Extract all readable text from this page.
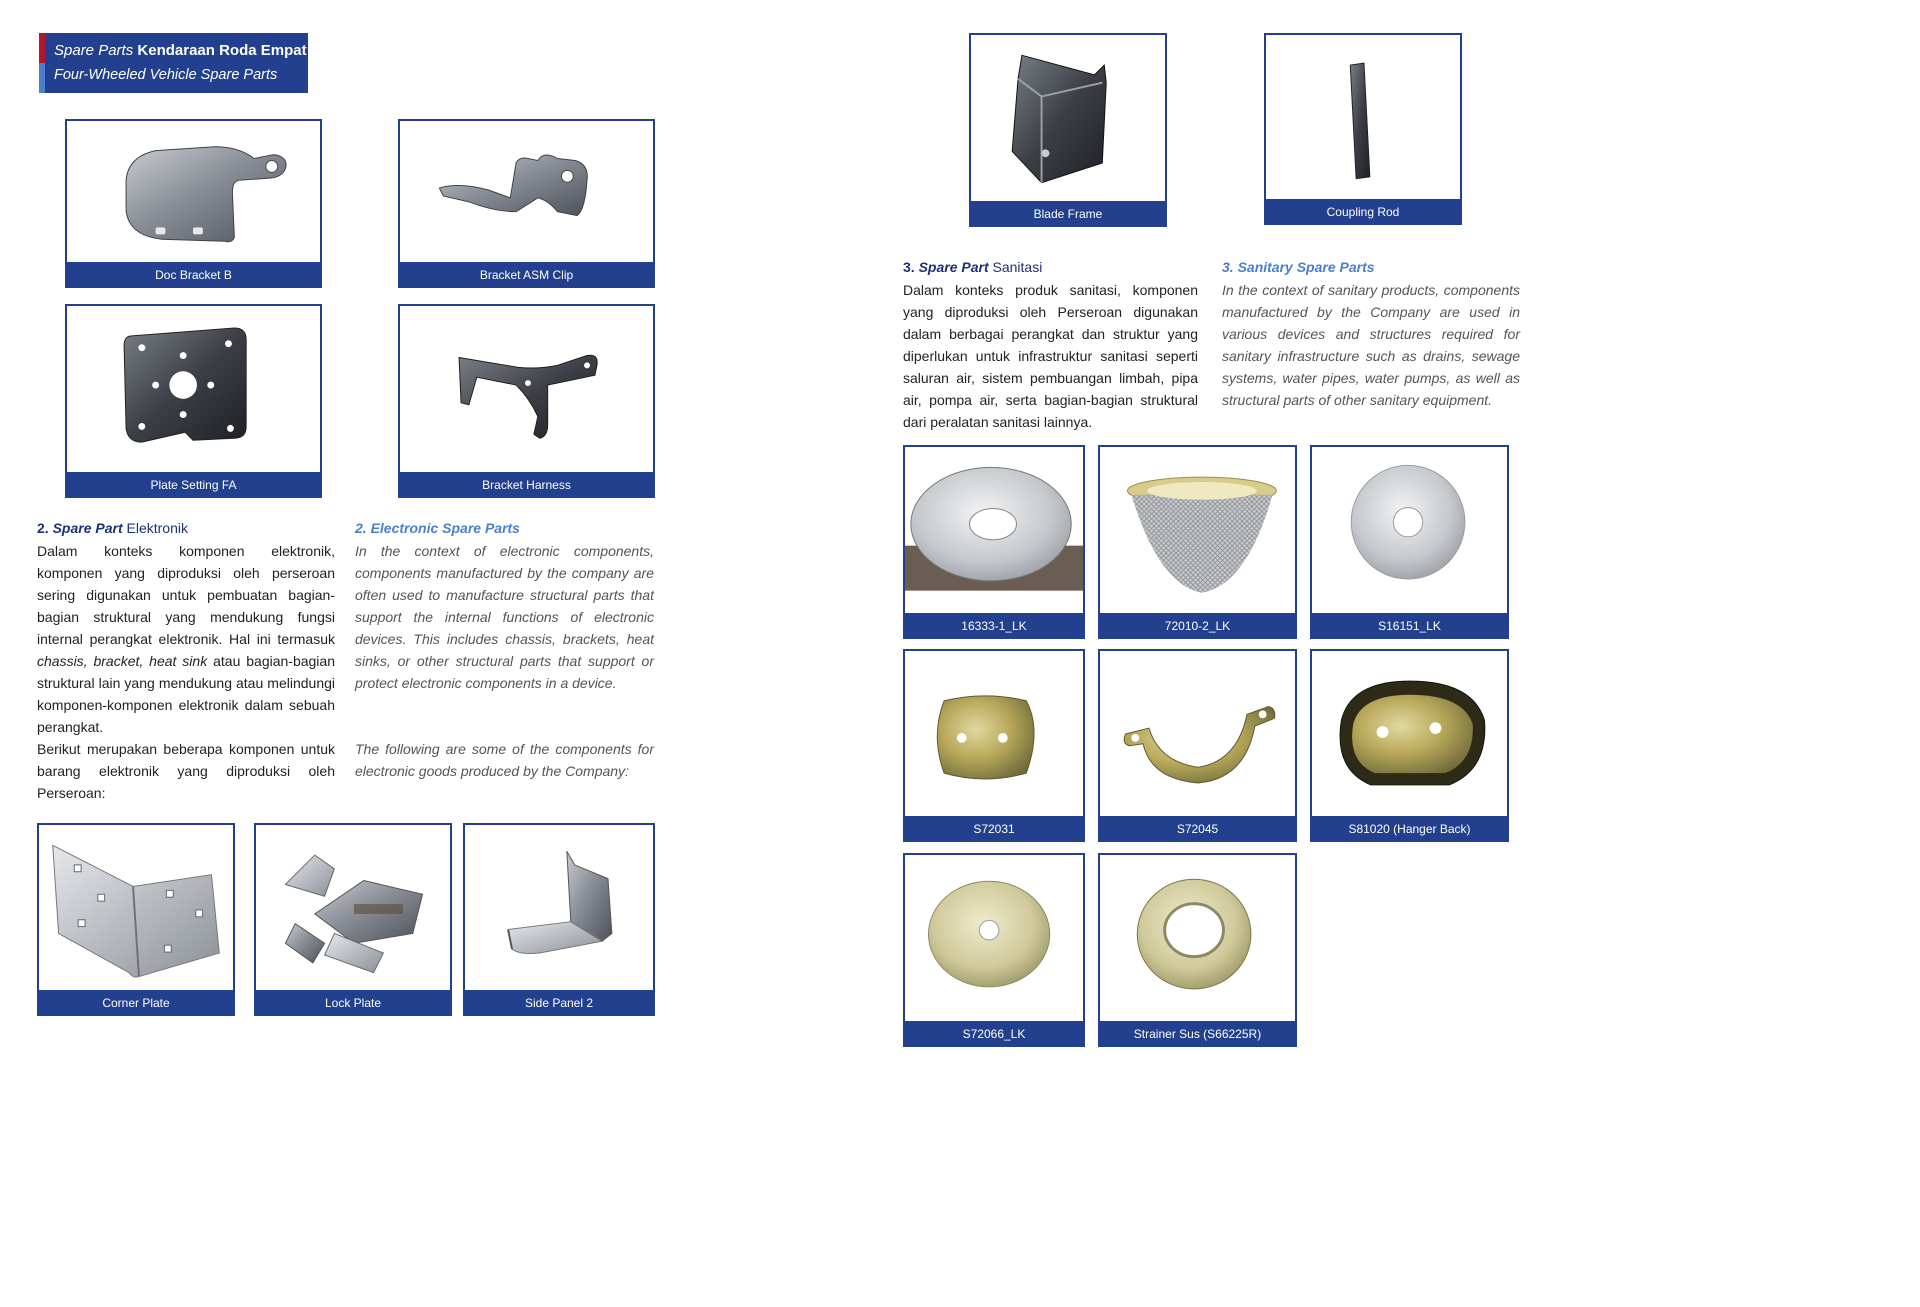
Spare Parts Kendaraan Roda Empat
Four-Wheeled Vehicle Spare Parts
Doc Bracket B	Bracket ASM Clip
Plate Setting FA	Bracket Harness
2. Spare Part Elektronik	2. Electronic Spare Parts

Dalam konteks komponen elektronik, komponen yang diproduksi oleh perseroan sering digunakan untuk pembuatan bagian-bagian struktural yang mendukung fungsi internal perangkat elektronik. Hal ini termasuk chassis, bracket, heat sink atau bagian-bagian struktural lain yang mendukung atau melindungi komponen-komponen elektronik dalam sebuah perangkat.

Berikut merupakan beberapa komponen untuk barang elektronik yang diproduksi oleh Perseroan:

In the context of electronic components, components manufactured by the company are often used to manufacture structural parts that support the internal functions of electronic devices. This includes chassis, brackets, heat sinks, or other structural parts that support or protect electronic components in a device.

The following are some of the components for electronic goods produced by the Company:

Corner Plate	Lock Plate	Side Panel 2
Blade Frame	Coupling Rod
3. Spare Part Sanitasi	3. Sanitary Spare Parts
Dalam konteks produk sanitasi, komponen yang diproduksi oleh Perseroan digunakan dalam berbagai perangkat dan struktur yang diperlukan untuk infrastruktur sanitasi seperti saluran air, sistem pembuangan limbah, pipa air, pompa air, serta bagian-bagian struktural dari peralatan sanitasi lainnya.
In the context of sanitary products, components manufactured by the Company are used in various devices and structures required for sanitary infrastructure such as drains, sewage systems, water pipes, water pumps, as well as structural parts of other sanitary equipment.
16333-1_LK	72010-2_LK	S16151_LK
S72031	S72045	S81020 (Hanger Back)
S72066_LK	Strainer Sus (S66225R)
